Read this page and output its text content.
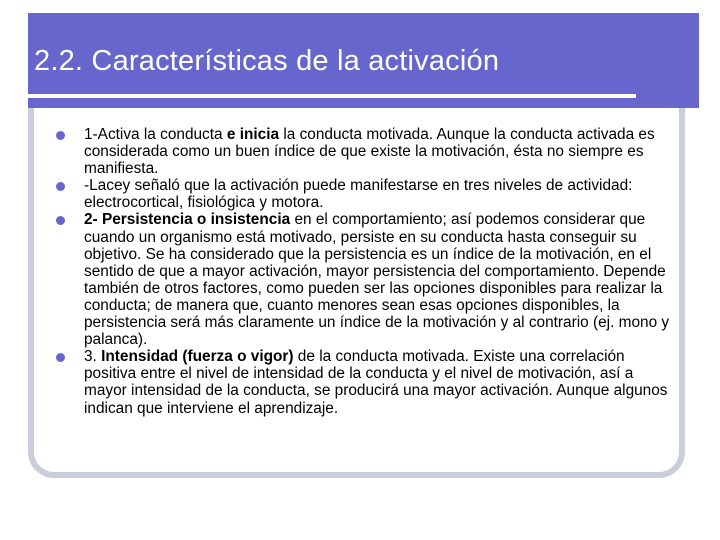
2.2. Características de la activación
1-Activa la conducta e inicia la conducta motivada. Aunque la conducta activada es considerada como un buen índice de que existe la motivación, ésta no siempre es manifiesta.
-Lacey señaló que la activación puede manifestarse en tres niveles de actividad: electrocortical, fisiológica y motora.
2- Persistencia o insistencia en el comportamiento; así podemos considerar que cuando un organismo está motivado, persiste en su conducta hasta conseguir su objetivo. Se ha considerado que la persistencia es un índice de la motivación, en el sentido de que a mayor activación, mayor persistencia del comportamiento. Depende también de otros factores, como pueden ser las opciones disponibles para realizar la conducta; de manera que, cuanto menores sean esas opciones disponibles, la persistencia será más claramente un índice de la motivación y al contrario (ej. mono y palanca).
3. Intensidad (fuerza o vigor) de la conducta motivada. Existe una correlación positiva entre el nivel de intensidad de la conducta y el nivel de motivación, así a mayor intensidad de la conducta, se producirá una mayor activación. Aunque algunos indican que interviene el aprendizaje.
